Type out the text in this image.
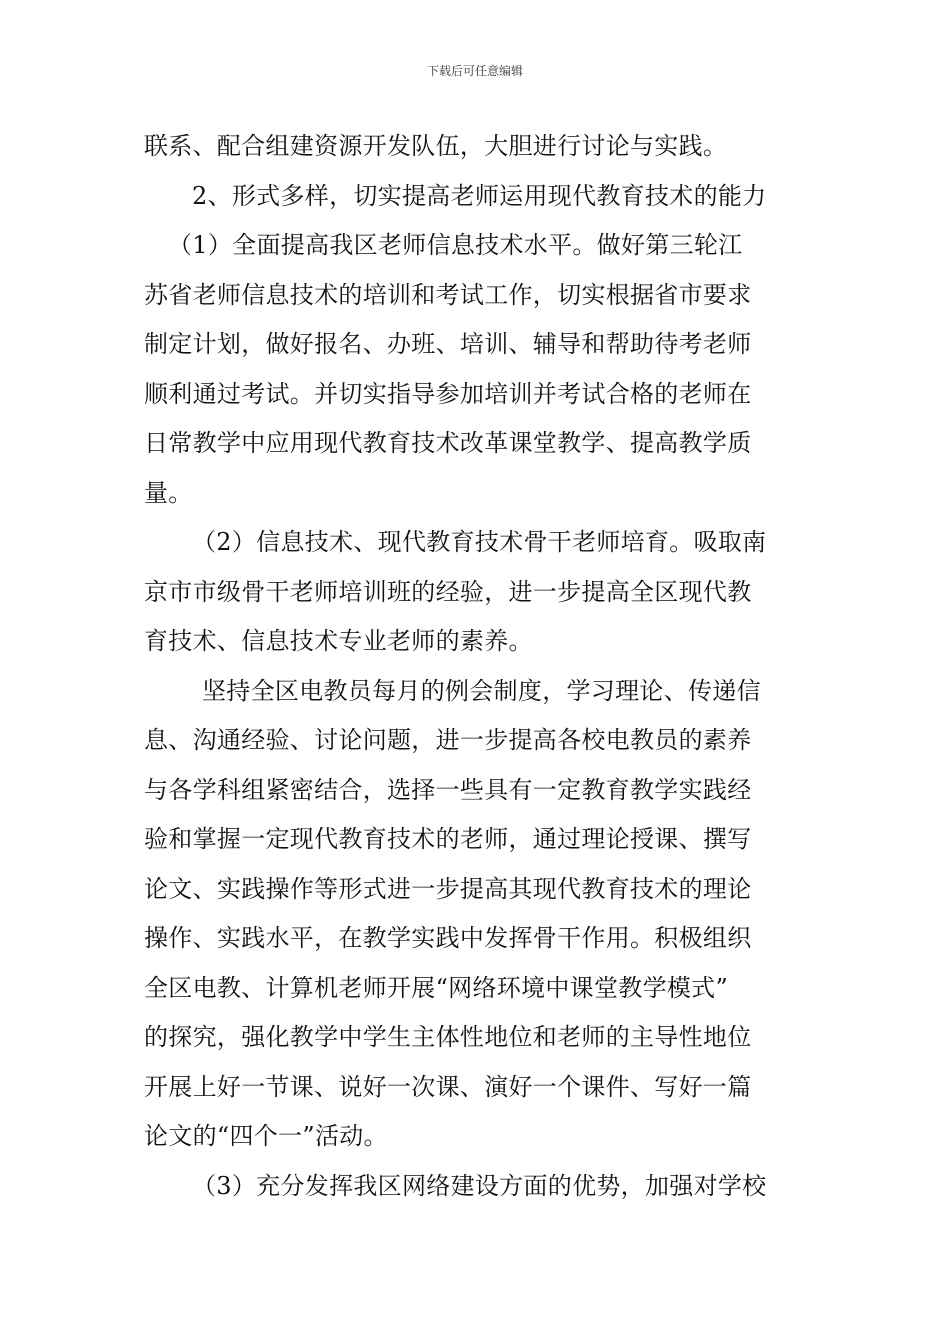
下载后可任意编辑
联系、配合组建资源开发队伍，大胆进行讨论与实践。
2、形式多样，切实提高老师运用现代教育技术的能力
（1）全面提高我区老师信息技术水平。做好第三轮江
苏省老师信息技术的培训和考试工作，切实根据省市要求
制定计划，做好报名、办班、培训、辅导和帮助待考老师
顺利通过考试。并切实指导参加培训并考试合格的老师在
日常教学中应用现代教育技术改革课堂教学、提高教学质
量。
（2）信息技术、现代教育技术骨干老师培育。吸取南
京市市级骨干老师培训班的经验，进一步提高全区现代教
育技术、信息技术专业老师的素养。
坚持全区电教员每月的例会制度，学习理论、传递信
息、沟通经验、讨论问题，进一步提高各校电教员的素养
与各学科组紧密结合，选择一些具有一定教育教学实践经
验和掌握一定现代教育技术的老师，通过理论授课、撰写
论文、实践操作等形式进一步提高其现代教育技术的理论
操作、实践水平，在教学实践中发挥骨干作用。积极组织
全区电教、计算机老师开展“网络环境中课堂教学模式”
的探究，强化教学中学生主体性地位和老师的主导性地位
开展上好一节课、说好一次课、演好一个课件、写好一篇
论文的“四个一”活动。
（3）充分发挥我区网络建设方面的优势，加强对学校
